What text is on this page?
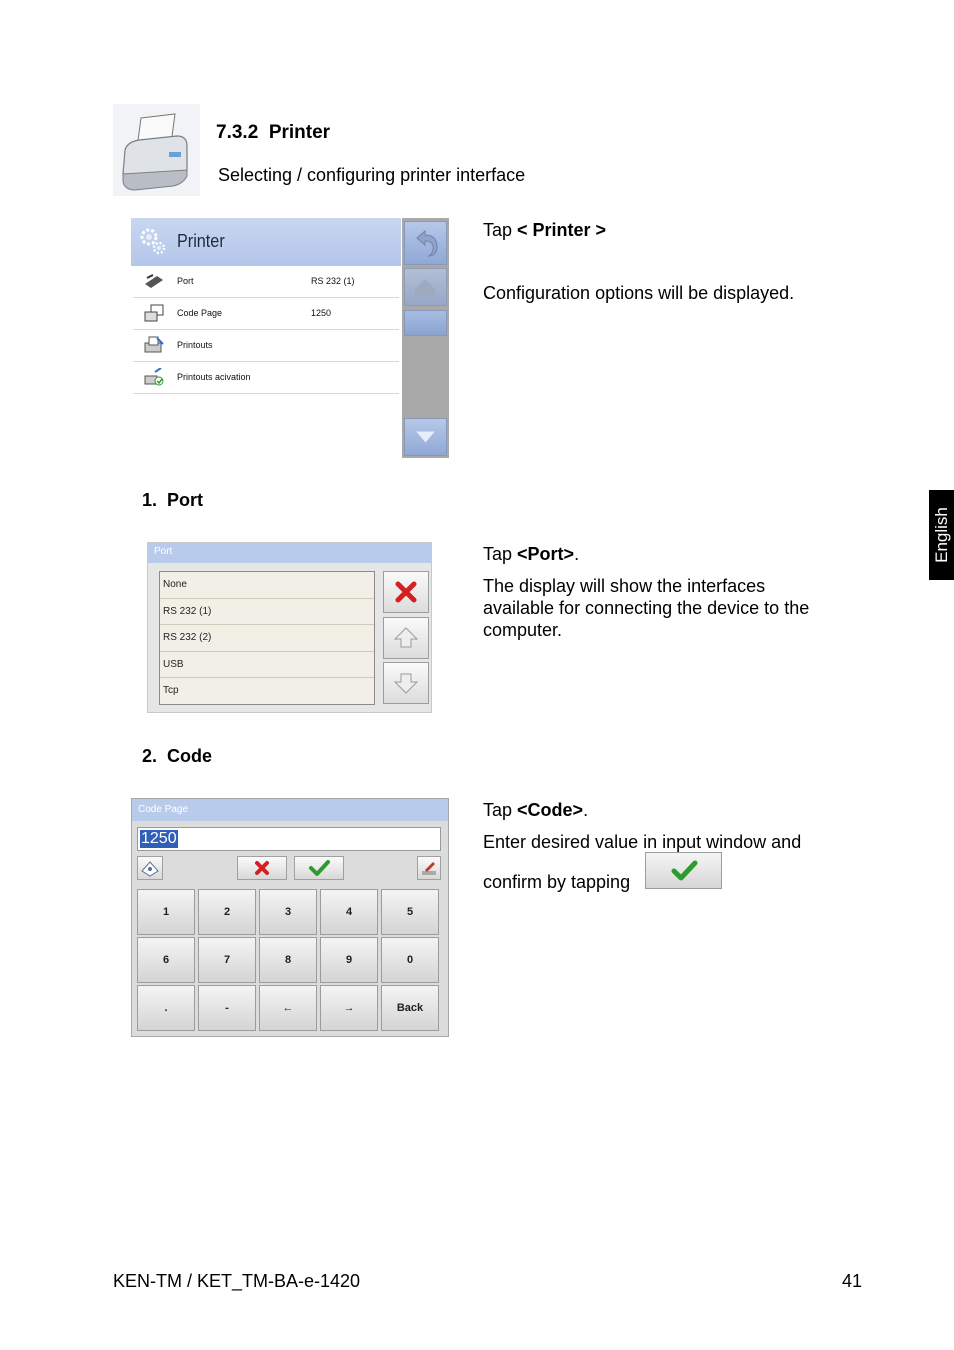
7.3.2 Printer
Selecting / configuring printer interface
English
Printer
Port	RS 232 (1)
Code Page	1250
Printouts
Printouts acivation
Tap < Printer >
Configuration options will be displayed.
1. Port
Port
None
RS 232 (1)
RS 232 (2)
USB
Tcp
Tap <Port>.
The display will show the interfaces
available for connecting the device to the
computer.
2. Code
Code Page
1250
1	2	3	4	5
6	7	8	9	0
.	-	←	→	Back
Tap <Code>.
Enter desired value in input window and
confirm by tapping
KEN-TM / KET_TM-BA-e-1420	41
